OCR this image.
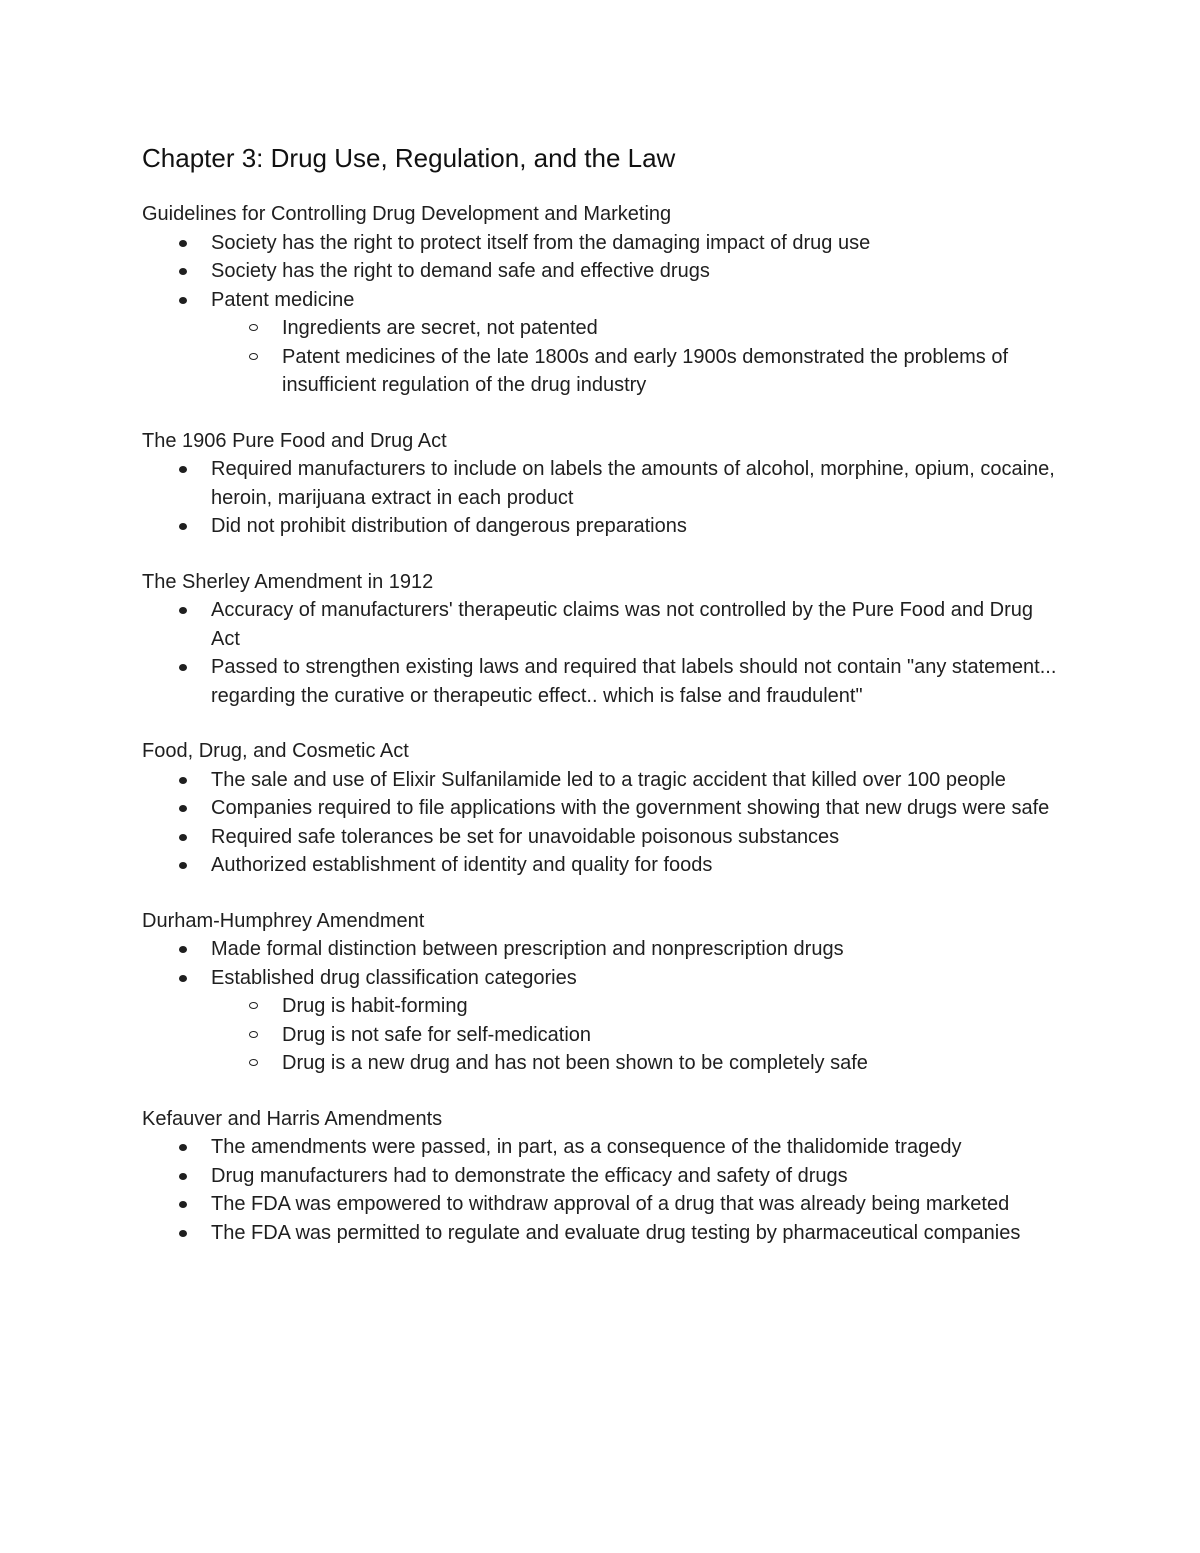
Chapter 3: Drug Use, Regulation, and the Law

Guidelines for Controlling Drug Development and Marketing

Society has the right to protect itself from the damaging impact of drug use
Society has the right to demand safe and effective drugs
Patent medicine
Ingredients are secret, not patented
Patent medicines of the late 1800s and early 1900s demonstrated the problems of insufficient regulation of the drug industry

The 1906 Pure Food and Drug Act

Required manufacturers to include on labels the amounts of alcohol, morphine, opium, cocaine, heroin, marijuana extract in each product
Did not prohibit distribution of dangerous preparations

The Sherley Amendment in 1912

Accuracy of manufacturers' therapeutic claims was not controlled by the Pure Food and Drug Act
Passed to strengthen existing laws and required that labels should not contain "any statement... regarding the curative or therapeutic effect.. which is false and fraudulent"

Food, Drug, and Cosmetic Act

The sale and use of Elixir Sulfanilamide led to a tragic accident that killed over 100 people
Companies required to file applications with the government showing that new drugs were safe
Required safe tolerances be set for unavoidable poisonous substances
Authorized establishment of identity and quality for foods

Durham-Humphrey Amendment

Made formal distinction between prescription and nonprescription drugs
Established drug classification categories
Drug is habit-forming
Drug is not safe for self-medication
Drug is a new drug and has not been shown to be completely safe

Kefauver and Harris Amendments

The amendments were passed, in part, as a consequence of the thalidomide tragedy
Drug manufacturers had to demonstrate the efficacy and safety of drugs
The FDA was empowered to withdraw approval of a drug that was already being marketed
The FDA was permitted to regulate and evaluate drug testing by pharmaceutical companies
